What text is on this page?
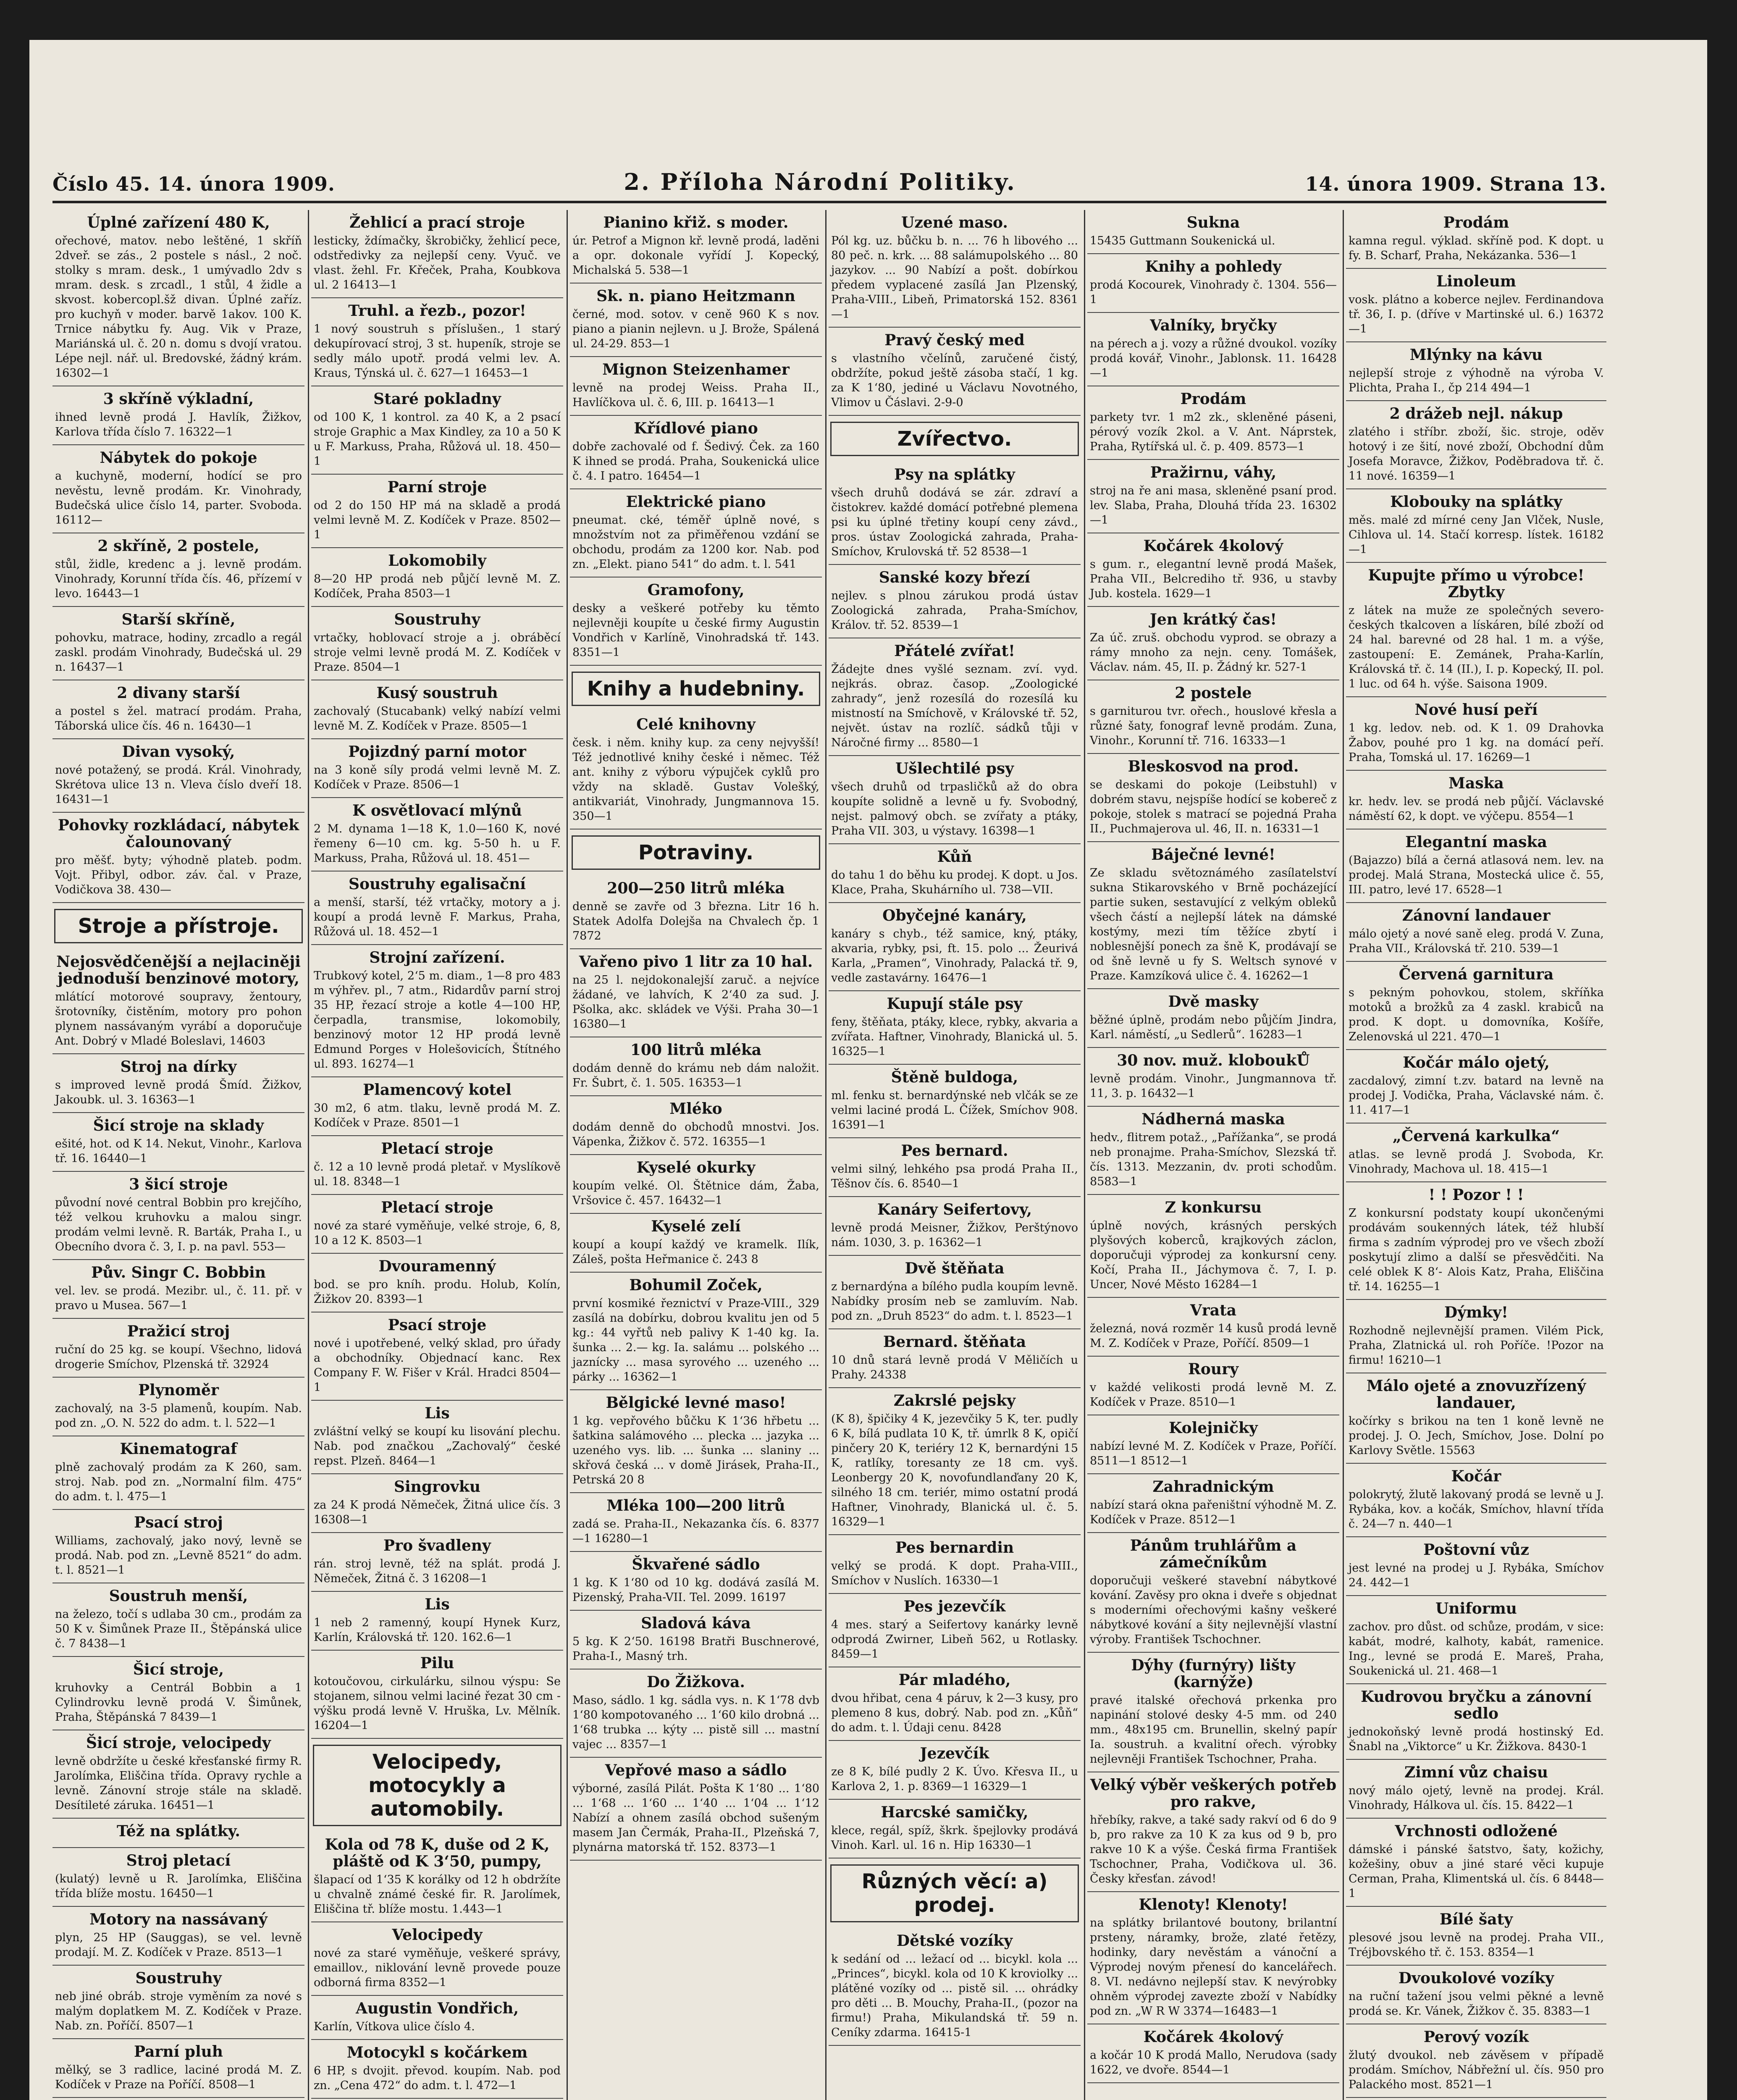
Číslo 45. 14. února 1909.	2. Příloha Národní Politiky.	14. února 1909. Strana 13.
Úplné zařízení 480 K,

ořechové, matov. nebo leštěné, 1 skříň 2dveř. se zás., 2 postele s násl., 2 noč. stolky s mram. desk., 1 umývadlo 2dv s mram. desk. s zrcadl., 1 stůl, 4 židle a skvost. kobercopl.šž divan. Úplné zaříz. pro kuchyň v moder. barvě 1akov. 100 K. Trnice nábytku fy. Aug. Vik v Praze, Mariánská ul. č. 20 n. domu s dvojí vratou. Lépe nejl. nář. ul. Bredovské, žádný krám. 16302—1

3 skříně výkladní,

ihned levně prodá J. Havlík, Žižkov, Karlova třída číslo 7. 16322—1

Nábytek do pokoje

a kuchyně, moderní, hodící se pro nevěstu, levně prodám. Kr. Vinohrady, Budečská ulice číslo 14, parter. Svoboda. 16112—

2 skříně, 2 postele,

stůl, židle, kredenc a j. levně prodám. Vinohrady, Korunní třída čís. 46, přízemí v levo. 16443—1

Starší skříně,

pohovku, matrace, hodiny, zrcadlo a regál zaskl. prodám Vinohrady, Budečská ul. 29 n. 16437—1

2 divany starší

a postel s žel. matrací prodám. Praha, Táborská ulice čís. 46 n. 16430—1

Divan vysoký,

nové potažený, se prodá. Král. Vinohrady, Skrétova ulice 13 n. Vleva číslo dveří 18. 16431—1

Pohovky rozkládací, nábytek čalounovaný

pro měšť. byty; výhodně plateb. podm. Vojt. Přibyl, odbor. záv. čal. v Praze, Vodičkova 38. 430—

Stroje a přístroje.
Nejosvědčenější a nejlaciněji jednoduší benzinové motory,

mlátící motorové soupravy, žentoury, šrotovníky, čistěním, motory pro pohon plynem nassávaným vyrábí a doporučuje Ant. Dobrý v Mladé Boleslavi, 14603

Stroj na dírky

s improved levně prodá Šmíd. Žižkov, Jakoubk. ul. 3. 16363—1

Šicí stroje na sklady

ešité, hot. od K 14. Nekut, Vinohr., Karlova tř. 16. 16440—1

3 šicí stroje

původní nové central Bobbin pro krejčího, též velkou kruhovku a malou singr. prodám velmi levně. R. Barták, Praha I., u Obecního dvora č. 3, I. p. na pavl. 553—

Pův. Singr C. Bobbin

vel. lev. se prodá. Mezibr. ul., č. 11. př. v pravo u Musea. 567—1

Pražicí stroj

ruční do 25 kg. se koupí. Všechno, lidová drogerie Smíchov, Plzenská tř. 32924

Plynoměr

zachovalý, na 3-5 plamenů, koupím. Nab. pod zn. „O. N. 522 do adm. t. l. 522—1

Kinematograf

plně zachovalý prodám za K 260, sam. stroj. Nab. pod zn. „Normalní film. 475“ do adm. t. l. 475—1

Psací stroj

Williams, zachovalý, jako nový, levně se prodá. Nab. pod zn. „Levně 8521“ do adm. t. l. 8521—1

Soustruh menší,

na železo, točí s udlaba 30 cm., prodám za 50 K v. Šimůnek Praze II., Štěpánská ulice č. 7 8438—1

Šicí stroje,

kruhovky a Centrál Bobbin a 1 Cylindrovku levně prodá V. Šimůnek, Praha, Štěpánská 7 8439—1

Šicí stroje, velocipedy

levně obdržíte u české křesťanské firmy R. Jarolímka, Eliščina třída. Opravy rychle a levně. Zánovní stroje stále na skladě. Desítileté záruka. 16451—1

Též na splátky.

Stroj pletací

(kulatý) levně u R. Jarolímka, Eliščina třída blíže mostu. 16450—1

Motory na nassávaný

plyn, 25 HP (Sauggas), se vel. levně prodají. M. Z. Kodíček v Praze. 8513—1

Soustruhy

neb jiné obráb. stroje vyměním za nové s malým doplatkem M. Z. Kodíček v Praze. Nab. zn. Poříčí. 8507—1

Parní pluh

mělký, se 3 radlice, laciné prodá M. Z. Kodíček v Praze na Poříčí. 8508—1

Žehlicí a prací stroje

lesticky, ždímačky, škrobičky, žehlicí pece, odstředivky za nejlepší ceny. Vyuč. ve vlast. žehl. Fr. Křeček, Praha, Koubkova ul. 2 16413—1

Truhl. a řezb., pozor!

1 nový soustruh s příslušen., 1 starý dekupírovací stroj, 3 st. hupeník, stroje se sedly málo upotř. prodá velmi lev. A. Kraus, Týnská ul. č. 627—1 16453—1

Staré pokladny

od 100 K, 1 kontrol. za 40 K, a 2 psací stroje Graphic a Max Kindley, za 10 a 50 K u F. Markuss, Praha, Růžová ul. 18. 450—1

Parní stroje

od 2 do 150 HP má na skladě a prodá velmi levně M. Z. Kodíček v Praze. 8502—1

Lokomobily

8—20 HP prodá neb půjčí levně M. Z. Kodíček, Praha 8503—1

Soustruhy

vrtačky, hoblovací stroje a j. obráběcí stroje velmi levně prodá M. Z. Kodíček v Praze. 8504—1

Kusý soustruh

zachovalý (Stucabank) velký nabízí velmi levně M. Z. Kodíček v Praze. 8505—1

Pojizdný parní motor

na 3 koně síly prodá velmi levně M. Z. Kodíček v Praze. 8506—1

K osvětlovací mlýnů

2 M. dynama 1—18 K, 1.0—160 K, nové řemeny 6—10 cm. kg. 5-50 h. u F. Markuss, Praha, Růžová ul. 18. 451—

Soustruhy egalisační

a menší, starší, též vrtačky, motory a j. koupí a prodá levně F. Markus, Praha, Růžová ul. 18. 452—1

Strojní zařízení.

Trubkový kotel, 2‘5 m. diam., 1—8 pro 483 m výhřev. pl., 7 atm., Ridardův parní stroj 35 HP, řezací stroje a kotle 4—100 HP, čerpadla, transmise, lokomobily, benzinový motor 12 HP prodá levně Edmund Porges v Holešovicích, Štítného ul. 893. 16274—1

Plamencový kotel

30 m2, 6 atm. tlaku, levně prodá M. Z. Kodíček v Praze. 8501—1

Pletací stroje

č. 12 a 10 levně prodá pletař. v Myslíkově ul. 18. 8348—1

Pletací stroje

nové za staré vyměňuje, velké stroje, 6, 8, 10 a 12 K. 8503—1

Dvouramenný

bod. se pro kníh. produ. Holub, Kolín, Žižkov 20. 8393—1

Psací stroje

nové i upotřebené, velký sklad, pro úřady a obchodníky. Objednací kanc. Rex Company F. W. Fišer v Král. Hradci 8504—1

Lis

zvláštní velký se koupí ku lisování plechu. Nab. pod značkou „Zachovalý“ české repst. Plzeň. 8464—1

Singrovku

za 24 K prodá Němeček, Žitná ulice čís. 3 16308—1

Pro švadleny

rán. stroj levně, též na splát. prodá J. Němeček, Žitná č. 3 16208—1

Lis

1 neb 2 ramenný, koupí Hynek Kurz, Karlín, Královská tř. 120. 162.6—1

Pilu

kotoučovou, cirkulárku, silnou výspu: Se stojanem, silnou velmi laciné řezat 30 cm - výšku prodá levně V. Hruška, Lv. Mělník. 16204—1

Velocipedy, motocykly a automobily.
Kola od 78 K, duše od 2 K, pláště od K 3‘50, pumpy,

šlapací od 1‘35 K korálky od 12 h obdržíte u chvalně známé české fir. R. Jarolímek, Eliščina tř. blíže mostu. 1.443—1

Velocipedy

nové za staré vyměňuje, veškeré správy, emaillov., niklování levně provede pouze odborná firma 8352—1

Augustin Vondřich,

Karlín, Vítkova ulice číslo 4.

Motocykl s kočárkem

6 HP, s dvojit. převod. koupím. Nab. pod zn. „Cena 472“ do adm. t. l. 472—1

Pianino křiž. s moder.

úr. Petrof a Mignon kř. levně prodá, laděni a opr. dokonale vyřídí J. Kopecký, Michalská 5. 538—1

Sk. n. piano Heitzmann

černé, mod. sotov. v ceně 960 K s nov. piano a pianin nejlevn. u J. Brože, Spálená ul. 24-29. 853—1

Mignon Steizenhamer

levně na prodej Weiss. Praha II., Havlíčkova ul. č. 6, III. p. 16413—1

Křídlové piano

dobře zachovalé od f. Šedivý. Ček. za 160 K ihned se prodá. Praha, Soukenická ulice č. 4. I patro. 16454—1

Elektrické piano

pneumat. cké, téměř úplně nové, s množstvím not za přiměřenou vzdání se obchodu, prodám za 1200 kor. Nab. pod zn. „Elekt. piano 541“ do adm. t. l. 541

Gramofony,

desky a veškeré potřeby ku těmto nejlevněji koupíte u české firmy Augustin Vondřich v Karlíně, Vinohradská tř. 143. 8351—1

Knihy a hudebniny.
Celé knihovny

česk. i něm. knihy kup. za ceny nejvyšší! Též jednotlivé knihy české i němec. Též ant. knihy z výboru výpujček cyklů pro vždy na skladě. Gustav Volešký, antikvariát, Vinohrady, Jungmannova 15. 350—1

Potraviny.
200—250 litrů mléka

denně se zavře od 3 března. Litr 16 h. Statek Adolfa Dolejša na Chvalech čp. 1 7872

Vařeno pivo 1 litr za 10 hal.

na 25 l. nejdokonalejší zaruč. a nejvíce žádané, ve lahvích, K 2‘40 za sud. J. Pšolka, akc. skládek ve Výši. Praha 30—1 16380—1

100 litrů mléka

dodám denně do krámu neb dám naložit. Fr. Šubrt, č. 1. 505. 16353—1

Mléko

dodám denně do obchodů mnostvi. Jos. Vápenka, Žižkov č. 572. 16355—1

Kyselé okurky

koupím velké. Ol. Štětnice dám, Žaba, Vršovice č. 457. 16432—1

Kyselé zelí

koupí a koupí každý ve kramelk. Ilík, Záleš, pošta Heřmanice č. 243 8

Bohumil Zoček,

první kosmiké řeznictví v Praze-VIII., 329 zasílá na dobírku, dobrou kvalitu jen od 5 kg.: 44 vyřtů neb palivy K 1-40 kg. Ia. šunka ... 2.— kg. Ia. salámu ... polského ... jaznícky ... masa syrového ... uzeného ... párky ... 16362—1

Bělgické levné maso!

1 kg. vepřového bůčku K 1‘36 hřbetu ... šatkina salámového ... plecka ... jazyka ... uzeného vys. lib. ... šunka ... slaniny ... skřová česká ... v domě Jirásek, Praha-II., Petrská 20 8

Mléka 100—200 litrů

zadá se. Praha-II., Nekazanka čís. 6. 8377—1 16280—1

Škvařené sádlo

1 kg. K 1‘80 od 10 kg. dodává zasílá M. Pizenský, Praha-VII. Tel. 2099. 16197

Sladová káva

5 kg. K 2‘50. 16198 Bratři Buschnerové, Praha-I., Masný trh.

Do Žižkova.

Maso, sádlo. 1 kg. sádla vys. n. K 1‘78 dvb 1‘80 kompotovaného ... 1‘60 kilo drobná ... 1‘68 trubka ... kýty ... pistě sill ... mastní vajec ... 8357—1

Vepřové maso a sádlo

výborné, zasílá Pilát. Pošta K 1‘80 ... 1‘80 ... 1‘68 ... 1‘60 ... 1‘40 ... 1‘04 ... 1‘12 Nabízí a ohnem zasílá obchod sušeným masem Jan Čermák, Praha-II., Plzeňská 7, plynárna matorská tř. 152. 8373—1

Uzené maso.

Pól kg. uz. bůčku b. n. ... 76 h libového ... 80 peč. n. krk. ... 88 salámupolského ... 80 jazykov. ... 90 Nabízí a pošt. dobírkou předem vyplacené zasílá Jan Plzenský, Praha-VIII., Libeň, Primatorská 152. 8361—1

Pravý český med

s vlastního včelínů, zaručené čistý, obdržíte, pokud ještě zásoba stačí, 1 kg. za K 1‘80, jediné u Václavu Novotného, Vlimov u Čáslavi. 2-9-0

Zvířectvo.
Psy na splátky

všech druhů dodává se zár. zdraví a čistokrev. každé domácí potřebné plemena psi ku úplné třetiny koupí ceny závd., pros. ústav Zoologická zahrada, Praha-Smíchov, Krulovská tř. 52 8538—1

Sanské kozy březí

nejlev. s plnou zárukou prodá ústav Zoologická zahrada, Praha-Smíchov, Králov. tř. 52. 8539—1

Přátelé zvířat!

Žádejte dnes vyšlé seznam. zví. vyd. nejkrás. obraz. časop. „Zoologické zahrady“, jenž rozesílá do rozesílá ku mistností na Smíchově, v Královské tř. 52, největ. ústav na rozlíč. sádků tůji v Náročné firmy ... 8580—1

Ušlechtilé psy

všech druhů od trpasličků až do obra koupíte solidně a levně u fy. Svobodný, nejst. palmový obch. se zvířaty a ptáky, Praha VII. 303, u výstavy. 16398—1

Kůň

do tahu 1 do běhu ku prodej. K dopt. u Jos. Klace, Praha, Skuhárního ul. 738—VII.

Obyčejné kanáry,

kanáry s chyb., též samice, kný, ptáky, akvaria, rybky, psi, ft. 15. polo ... Žeurivá Karla, „Pramen“, Vinohrady, Palacká tř. 9, vedle zastavárny. 16476—1

Kupují stále psy

feny, štěňata, ptáky, klece, rybky, akvaria a zvířata. Haftner, Vinohrady, Blanická ul. 5. 16325—1

Štěně buldoga,

ml. fenku st. bernardýnské neb vlčák se ze velmi laciné prodá L. Čížek, Smíchov 908. 16391—1

Pes bernard.

velmi silný, lehkého psa prodá Praha II., Těšnov čís. 6. 8540—1

Kanáry Seifertovy,

levně prodá Meisner, Žižkov, Perštýnovo nám. 1030, 3. p. 16362—1

Dvě štěňata

z bernardýna a bílého pudla koupím levně. Nabídky prosím neb se zamluvím. Nab. pod zn. „Druh 8523“ do adm. t. l. 8523—1

Bernard. štěňata

10 dnů stará levně prodá V Měličích u Prahy. 24338

Zakrslé pejsky

(K 8), špičiky 4 K, jezevčiky 5 K, ter. pudly 6 K, bílá pudlata 10 K, tř. úmrlk 8 K, opičí pinčery 20 K, teriéry 12 K, bernardýni 15 K, ratlíky, toresanty ze 18 cm. vyš. Leonbergy 20 K, novofundlanďany 20 K, silného 18 cm. teriér, mimo ostatní prodá Haftner, Vinohrady, Blanická ul. č. 5. 16329—1

Pes bernardin

velký se prodá. K dopt. Praha-VIII., Smíchov v Nuslích. 16330—1

Pes jezevčík

4 mes. starý a Seifertovy kanárky levně odprodá Zwirner, Libeň 562, u Rotlasky. 8459—1

Pár mladého,

dvou hřibat, cena 4 páruv, k 2—3 kusy, pro plemeno 8 kus, dobrý. Nab. pod zn. „Kůň“ do adm. t. l. Údaji cenu. 8428

Jezevčík

ze 8 K, bílé pudly 2 K. Úvo. Křesva II., u Karlova 2, 1. p. 8369—1 16329—1

Harcské samičky,

klece, regál, spíž, škrk. špejlovky prodává Vinoh. Karl. ul. 16 n. Hip 16330—1

Různých věcí: a) prodej.
Dětské vozíky

k sedání od ... ležací od ... bicykl. kola ... „Princes“, bicykl. kola od 10 K kroviolky ... plátěné vozíky od ... pistě sil. ... ohrádky pro děti ... B. Mouchy, Praha-II., (pozor na firmu!) Praha, Mikulandská tř. 59 n. Ceníky zdarma. 16415-1

Sukna

15435 Guttmann Soukenická ul.

Knihy a pohledy

prodá Kocourek, Vinohrady č. 1304. 556—1

Valníky, bryčky

na pérech a j. vozy a růžné dvoukol. vozíky prodá kovář, Vinohr., Jablonsk. 11. 16428—1

Prodám

parkety tvr. 1 m2 zk., skleněné páseni, pérový vozík 2kol. a V. Ant. Náprstek, Praha, Rytířská ul. č. p. 409. 8573—1

Pražirnu, váhy,

stroj na ře ani masa, skleněné psaní prod. lev. Slaba, Praha, Dlouhá třída 23. 16302—1

Kočárek 4kolový

s gum. r., elegantní levně prodá Mašek, Praha VII., Belcrediho tř. 936, u stavby Jub. kostela. 1629—1

Jen krátký čas!

Za úč. zruš. obchodu vyprod. se obrazy a rámy mnoho za nejn. ceny. Tomášek, Václav. nám. 45, II. p. Žádný kr. 527-1

2 postele

s garniturou tvr. ořech., houslové křesla a různé šaty, fonograf levně prodám. Zuna, Vinohr., Korunní tř. 716. 16333—1

Bleskosvod na prod.

se deskami do pokoje (Leibstuhl) v dobrém stavu, nejspíše hodící se kobereč z pokoje, stolek s matrací se pojedná Praha II., Puchmajerova ul. 46, II. n. 16331—1

Báječné levné!

Ze skladu světoznámého zasílatelství sukna Stikarovského v Brně pocházející partie suken, sestavující z velkým obleků všech částí a nejlepší látek na dámské kostýmy, mezi tím těžíce zbytí i noblesnější ponech za šně K, prodávají se od šně levně u fy S. Weltsch synové v Praze. Kamzíková ulice č. 4. 16262—1

Dvě masky

běžné úplně, prodám nebo půjčím Jindra, Karl. náměstí, „u Sedlerů“. 16283—1

30 nov. muž. kloboukŮ

levně prodám. Vinohr., Jungmannova tř. 11, 3. p. 16432—1

Nádherná maska

hedv., flitrem potaž., „Pařížanka“, se prodá neb pronajme. Praha-Smíchov, Slezská tř. čís. 1313. Mezzanin, dv. proti schodům. 8583—1

Z konkursu

úplně nových, krásných perských plyšových koberců, krajkových záclon, doporučuji výprodej za konkursní ceny. Kočí, Praha II., Jáchymova č. 7, I. p. Uncer, Nové Město 16284—1

Vrata

železná, nová rozměr 14 kusů prodá levně M. Z. Kodíček v Praze, Poříčí. 8509—1

Roury

v každé velikosti prodá levně M. Z. Kodíček v Praze. 8510—1

Kolejničky

nabízí levné M. Z. Kodíček v Praze, Poříčí. 8511—1 8512—1

Zahradnickým

nabízí stará okna pařeništní výhodně M. Z. Kodíček v Praze. 8512—1

Pánům truhlářům a zámečníkům

doporučuji veškeré stavební nábytkové kování. Zavěsy pro okna i dveře s objednat s moderními ořechovými kašny veškeré nábytkové kování a šity nejlevnější vlastní výroby. František Tschochner.

Dýhy (furnýry) lišty (karnýže)

pravé italské ořechová prkenka pro napinání stolové desky 4-5 mm. od 240 mm., 48x195 cm. Brunellin, skelný papír Ia. soustruh. a kvalitní ořech. výrobky nejlevněji František Tschochner, Praha.

Velký výběr veškerých potřeb pro rakve,

hřebíky, rakve, a také sady rakví od 6 do 9 b, pro rakve za 10 K za kus od 9 b, pro rakve 10 K a výše. Česká firma František Tschochner, Praha, Vodičkova ul. 36. Česky křesťan. závod!

Klenoty! Klenoty!

na splátky brilantové boutony, brilantní prsteny, náramky, brože, zlaté řetězy, hodinky, dary nevěstám a vánoční a Výprodej novým přenesí do kancelářech. 8. VI. nedávno nejlepší stav. K nevýrobky ohněm výprodej zavezte zboží v Nabídky pod zn. „W R W 3374—16483—1

Kočárek 4kolový

a kočár 10 K prodá Mallo, Nerudova (sady 1622, ve dvoře. 8544—1

Prodám

kamna regul. výklad. skříně pod. K dopt. u fy. B. Scharf, Praha, Nekázanka. 536—1

Linoleum

vosk. plátno a koberce nejlev. Ferdinandova tř. 36, I. p. (dříve v Martinské ul. 6.) 16372—1

Mlýnky na kávu

nejlepší stroje z výhodně na výroba V. Plichta, Praha I., čp 214 494—1

2 drážeb nejl. nákup

zlatého i stříbr. zboží, šic. stroje, oděv hotový i ze šití, nové zboží, Obchodní dům Josefa Moravce, Žižkov, Poděbradova tř. č. 11 nové. 16359—1

Klobouky na splátky

měs. malé zd mírné ceny Jan Vlček, Nusle, Cihlova ul. 14. Stačí korresp. lístek. 16182—1

Kupujte přímo u výrobce! Zbytky

z látek na muže ze společných severo-českých tkalcoven a lískáren, bílé zboží od 24 hal. barevné od 28 hal. 1 m. a výše, zastoupení: E. Zemánek, Praha-Karlín, Královská tř. č. 14 (II.), I. p. Kopecký, II. pol. 1 luc. od 64 h. výše. Saisona 1909.

Nové husí peří

1 kg. ledov. neb. od. K 1. 09 Drahovka Žabov, pouhé pro 1 kg. na domácí peří. Praha, Tomská ul. 17. 16269—1

Maska

kr. hedv. lev. se prodá neb půjčí. Václavské náměstí 62, k dopt. ve výčepu. 8554—1

Elegantní maska

(Bajazzo) bílá a černá atlasová nem. lev. na prodej. Malá Strana, Mostecká ulice č. 55, III. patro, levé 17. 6528—1

Zánovní landauer

málo ojetý a nové saně eleg. prodá V. Zuna, Praha VII., Královská tř. 210. 539—1

Červená garnitura

s pekným pohovkou, stolem, skříňka motoků a brožků za 4 zaskl. krabiců na prod. K dopt. u domovníka, Košíře, Zelenovská ul 221. 470—1

Kočár málo ojetý,

zacdalový, zimní t.zv. batard na levně na prodej J. Vodička, Praha, Václavské nám. č. 11. 417—1

„Červená karkulka“

atlas. se levně prodá J. Svoboda, Kr. Vinohrady, Machova ul. 18. 415—1

! ! Pozor ! !

Z konkursní podstaty koupí ukončenými prodávám soukenných látek, též hlubší firma s zadním výprodej pro ve všech zboží poskytují zlimo a další se přesvědčiti. Na celé oblek K 8‘- Alois Katz, Praha, Eliščina tř. 14. 16255—1

Dýmky!

Rozhodně nejlevnější pramen. Vilém Pick, Praha, Zlatnická ul. roh Poříče. !Pozor na firmu! 16210—1

Málo ojeté a znovuzřízený landauer,

kočírky s brikou na ten 1 koně levně ne prodej. J. O. Jech, Smíchov, Jose. Dolní po Karlovy Světle. 15563

Kočár

polokrytý, žlutě lakovaný prodá se levně u J. Rybáka, kov. a kočák, Smíchov, hlavní třída č. 24—7 n. 440—1

Poštovní vůz

jest levné na prodej u J. Rybáka, Smíchov 24. 442—1

Uniformu

zachov. pro důst. od schůze, prodám, v sice: kabát, modré, kalhoty, kabát, ramenice. Ing., levné se prodá E. Mareš, Praha, Soukenická ul. 21. 468—1

Kudrovou bryčku a zánovní sedlo

jednokoňský levně prodá hostinský Ed. Šnabl na „Viktorce“ u Kr. Žižkova. 8430-1

Zimní vůz chaisu

nový málo ojetý, levně na prodej. Král. Vinohrady, Hálkova ul. čís. 15. 8422—1

Vrchnosti odložené

dámské i pánské šatstvo, šaty, kožichy, kožešiny, obuv a jiné staré věci kupuje Cerman, Praha, Klimentská ul. čís. 6 8448—1

Bílé šaty

plesové jsou levně na prodej. Praha VII., Tréjbovského tř. č. 153. 8354—1

Dvoukolové vozíky

na ruční tažení jsou velmi pěkné a levně prodá se. Kr. Vánek, Žižkov č. 35. 8383—1

Perový vozík

žlutý dvoukol. neb závěsem v případě prodám. Smíchov, Nábřežní ul. čís. 950 pro Palackého most. 8521—1
